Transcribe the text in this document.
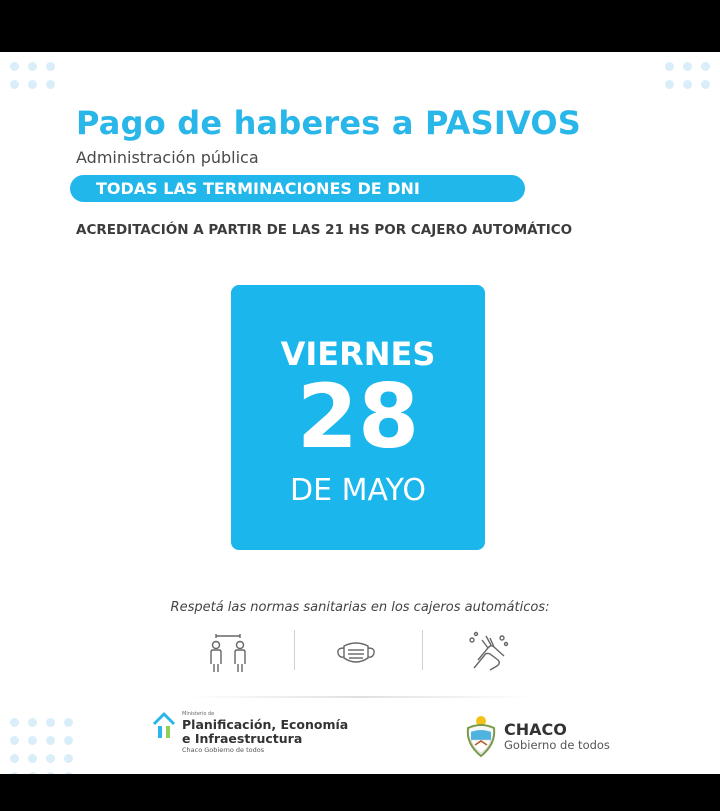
Pago de haberes a PASIVOS
Administración pública
TODAS LAS TERMINACIONES DE DNI
ACREDITACIÓN A PARTIR DE LAS 21 HS POR CAJERO AUTOMÁTICO
VIERNES
28
DE MAYO
Respetá las normas sanitarias en los cajeros automáticos:
Ministerio de
Planificación, Economía
e Infraestructura
Chaco Gobierno de todos
CHACO
Gobierno de todos
